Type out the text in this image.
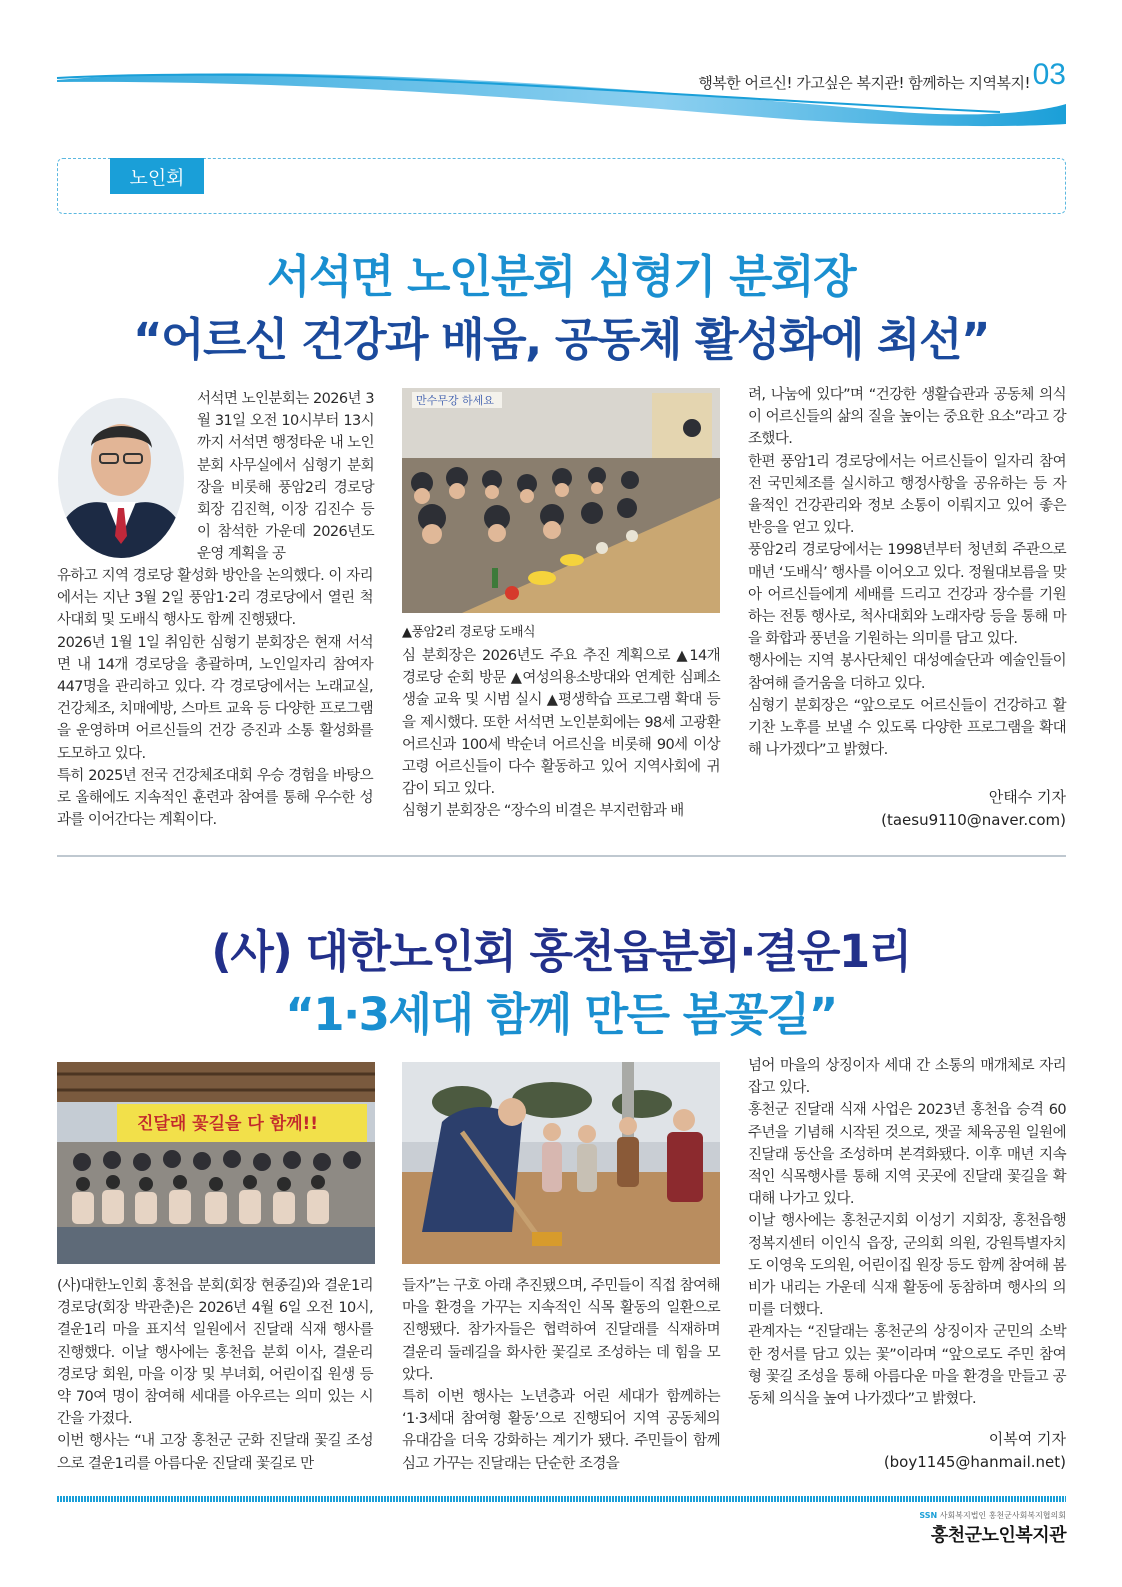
행복한 어르신! 가고싶은 복지관! 함께하는 지역복지! 03
노인회
서석면 노인분회 심형기 분회장
“어르신 건강과 배움, 공동체 활성화에 최선”
서석면 노인분회는 2026년 3월 31일 오전 10시부터 13시까지 서석면 행정타운 내 노인분회 사무실에서 심형기 분회장을 비롯해 풍암2리 경로당 회장 김진혁, 이장 김진수 등이 참석한 가운데 2026년도 운영 계획을 공

유하고 지역 경로당 활성화 방안을 논의했다. 이 자리에서는 지난 3월 2일 풍암1·2리 경로당에서 열린 척사대회 및 도배식 행사도 함께 진행됐다.

2026년 1월 1일 취임한 심형기 분회장은 현재 서석면 내 14개 경로당을 총괄하며, 노인일자리 참여자 447명을 관리하고 있다. 각 경로당에서는 노래교실, 건강체조, 치매예방, 스마트 교육 등 다양한 프로그램을 운영하며 어르신들의 건강 증진과 소통 활성화를 도모하고 있다.

특히 2025년 전국 건강체조대회 우승 경험을 바탕으로 올해에도 지속적인 훈련과 참여를 통해 우수한 성과를 이어간다는 계획이다.

만수무강 하세요
▲풍암2리 경로당 도배식

심 분회장은 2026년도 주요 추진 계획으로 ▲14개 경로당 순회 방문 ▲여성의용소방대와 연계한 심폐소생술 교육 및 시범 실시 ▲평생학습 프로그램 확대 등을 제시했다. 또한 서석면 노인분회에는 98세 고광환 어르신과 100세 박순녀 어르신을 비롯해 90세 이상 고령 어르신들이 다수 활동하고 있어 지역사회에 귀감이 되고 있다.

심형기 분회장은 “장수의 비결은 부지런함과 배

려, 나눔에 있다”며 “건강한 생활습관과 공동체 의식이 어르신들의 삶의 질을 높이는 중요한 요소”라고 강조했다.

한편 풍암1리 경로당에서는 어르신들이 일자리 참여 전 국민체조를 실시하고 행정사항을 공유하는 등 자율적인 건강관리와 정보 소통이 이뤄지고 있어 좋은 반응을 얻고 있다.

풍암2리 경로당에서는 1998년부터 청년회 주관으로 매년 ‘도배식’ 행사를 이어오고 있다. 정월대보름을 맞아 어르신들에게 세배를 드리고 건강과 장수를 기원하는 전통 행사로, 척사대회와 노래자랑 등을 통해 마을 화합과 풍년을 기원하는 의미를 담고 있다.

행사에는 지역 봉사단체인 대성예술단과 예술인들이 참여해 즐거움을 더하고 있다.

심형기 분회장은 “앞으로도 어르신들이 건강하고 활기찬 노후를 보낼 수 있도록 다양한 프로그램을 확대해 나가겠다”고 밝혔다.

안태수 기자
(taesu9110@naver.com)
(사) 대한노인회 홍천읍분회·결운1리
“1·3세대 함께 만든 봄꽃길”
진달래 꽃길을 다 함께!!

(사)대한노인회 홍천읍 분회(회장 현종길)와 결운1리 경로당(회장 박관춘)은 2026년 4월 6일 오전 10시, 결운1리 마을 표지석 일원에서 진달래 식재 행사를 진행했다. 이날 행사에는 홍천읍 분회 이사, 결운리 경로당 회원, 마을 이장 및 부녀회, 어린이집 원생 등 약 70여 명이 참여해 세대를 아우르는 의미 있는 시간을 가졌다.

이번 행사는 “내 고장 홍천군 군화 진달래 꽃길 조성으로 결운1리를 아름다운 진달래 꽃길로 만

들자”는 구호 아래 추진됐으며, 주민들이 직접 참여해 마을 환경을 가꾸는 지속적인 식목 활동의 일환으로 진행됐다. 참가자들은 협력하여 진달래를 식재하며 결운리 둘레길을 화사한 꽃길로 조성하는 데 힘을 모았다.

특히 이번 행사는 노년층과 어린 세대가 함께하는 ‘1·3세대 참여형 활동’으로 진행되어 지역 공동체의 유대감을 더욱 강화하는 계기가 됐다. 주민들이 함께 심고 가꾸는 진달래는 단순한 조경을

넘어 마을의 상징이자 세대 간 소통의 매개체로 자리 잡고 있다.

홍천군 진달래 식재 사업은 2023년 홍천읍 승격 60주년을 기념해 시작된 것으로, 잿골 체육공원 일원에 진달래 동산을 조성하며 본격화됐다. 이후 매년 지속적인 식목행사를 통해 지역 곳곳에 진달래 꽃길을 확대해 나가고 있다.

이날 행사에는 홍천군지회 이성기 지회장, 홍천읍행정복지센터 이인식 읍장, 군의회 의원, 강원특별자치도 이영욱 도의원, 어린이집 원장 등도 함께 참여해 봄비가 내리는 가운데 식재 활동에 동참하며 행사의 의미를 더했다.

관계자는 “진달래는 홍천군의 상징이자 군민의 소박한 정서를 담고 있는 꽃”이라며 “앞으로도 주민 참여형 꽃길 조성을 통해 아름다운 마을 환경을 만들고 공동체 의식을 높여 나가겠다”고 밝혔다.

이복여 기자
(boy1145@hanmail.net)
SSN 사회복지법인 홍천군사회복지협의회
홍천군노인복지관
